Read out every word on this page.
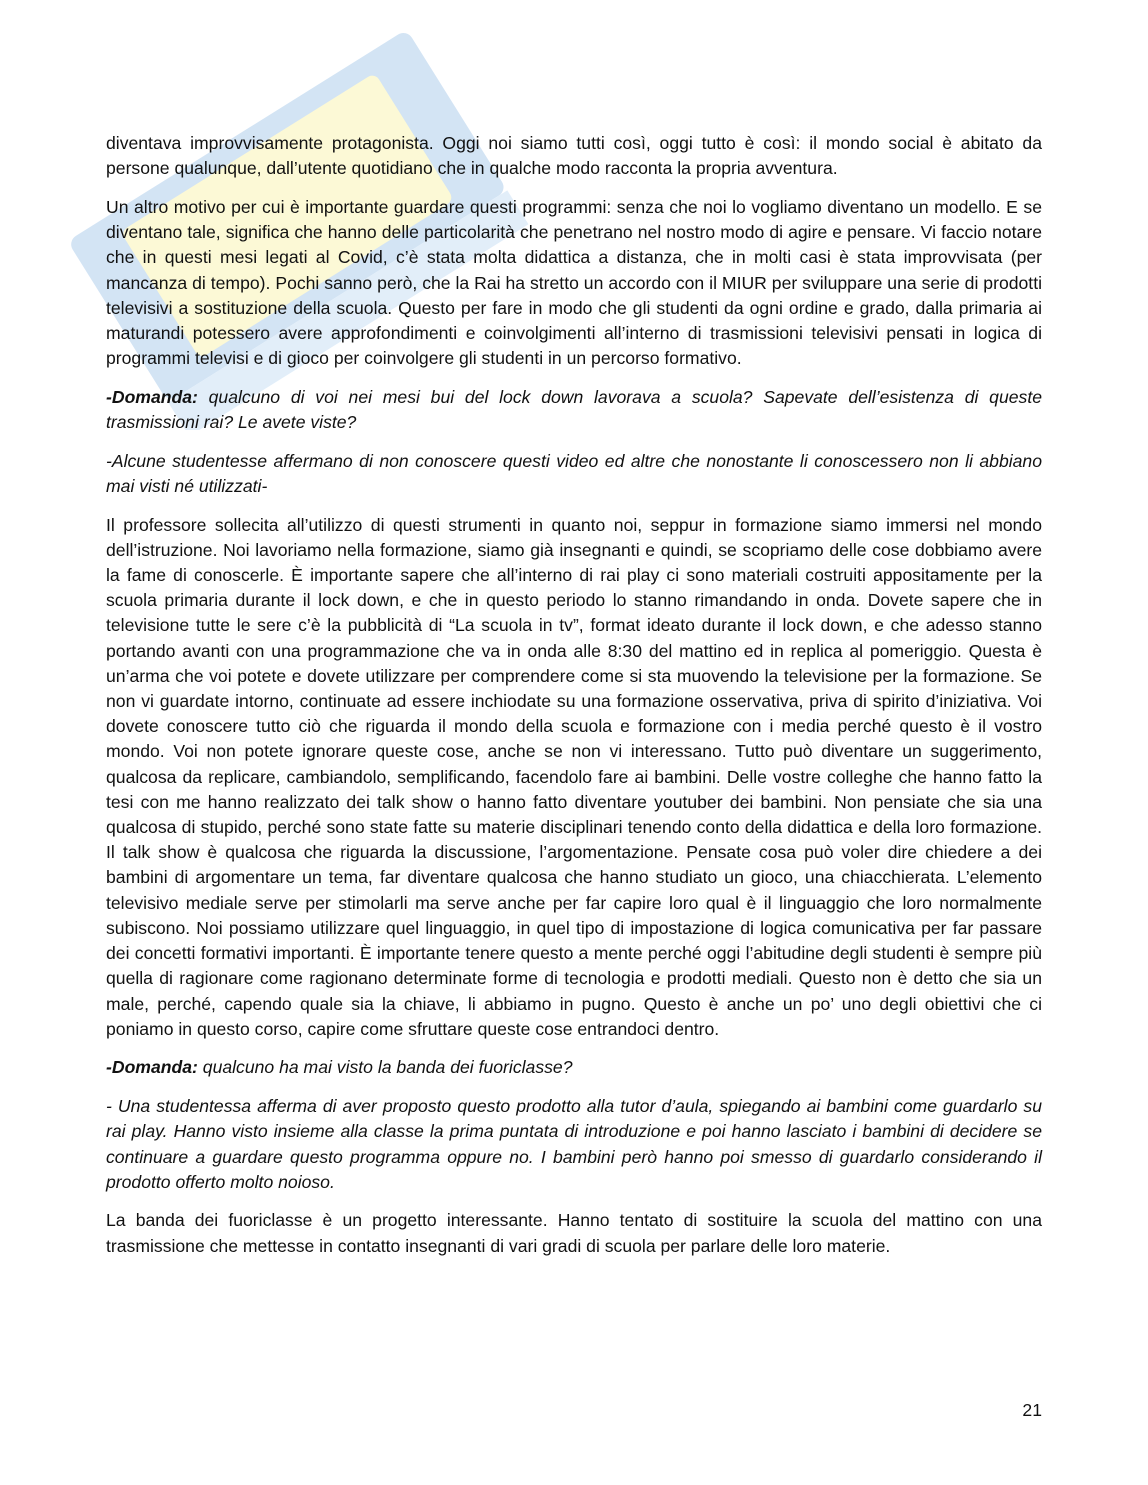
diventava improvvisamente protagonista. Oggi noi siamo tutti così, oggi tutto è così: il mondo social è abitato da persone qualunque, dall’utente quotidiano che in qualche modo racconta la propria avventura.

Un altro motivo per cui è importante guardare questi programmi: senza che noi lo vogliamo diventano un modello. E se diventano tale, significa che hanno delle particolarità che penetrano nel nostro modo di agire e pensare. Vi faccio notare che in questi mesi legati al Covid, c’è stata molta didattica a distanza, che in molti casi è stata improvvisata (per mancanza di tempo). Pochi sanno però, che la Rai ha stretto un accordo con il MIUR per sviluppare una serie di prodotti televisivi a sostituzione della scuola. Questo per fare in modo che gli studenti da ogni ordine e grado, dalla primaria ai maturandi potessero avere approfondimenti e coinvolgimenti all’interno di trasmissioni televisivi pensati in logica di programmi televisi e di gioco per coinvolgere gli studenti in un percorso formativo.

-Domanda: qualcuno di voi nei mesi bui del lock down lavorava a scuola? Sapevate dell’esistenza di queste trasmissioni rai? Le avete viste?

-Alcune studentesse affermano di non conoscere questi video ed altre che nonostante li conoscessero non li abbiano mai visti né utilizzati-

Il professore sollecita all’utilizzo di questi strumenti in quanto noi, seppur in formazione siamo immersi nel mondo dell’istruzione. Noi lavoriamo nella formazione, siamo già insegnanti e quindi, se scopriamo delle cose dobbiamo avere la fame di conoscerle. È importante sapere che all’interno di rai play ci sono materiali costruiti appositamente per la scuola primaria durante il lock down, e che in questo periodo lo stanno rimandando in onda. Dovete sapere che in televisione tutte le sere c’è la pubblicità di “La scuola in tv”, format ideato durante il lock down, e che adesso stanno portando avanti con una programmazione che va in onda alle 8:30 del mattino ed in replica al pomeriggio. Questa è un’arma che voi potete e dovete utilizzare per comprendere come si sta muovendo la televisione per la formazione. Se non vi guardate intorno, continuate ad essere inchiodate su una formazione osservativa, priva di spirito d’iniziativa. Voi dovete conoscere tutto ciò che riguarda il mondo della scuola e formazione con i media perché questo è il vostro mondo. Voi non potete ignorare queste cose, anche se non vi interessano. Tutto può diventare un suggerimento, qualcosa da replicare, cambiandolo, semplificando, facendolo fare ai bambini. Delle vostre colleghe che hanno fatto la tesi con me hanno realizzato dei talk show o hanno fatto diventare youtuber dei bambini. Non pensiate che sia una qualcosa di stupido, perché sono state fatte su materie disciplinari tenendo conto della didattica e della loro formazione. Il talk show è qualcosa che riguarda la discussione, l’argomentazione. Pensate cosa può voler dire chiedere a dei bambini di argomentare un tema, far diventare qualcosa che hanno studiato un gioco, una chiacchierata. L’elemento televisivo mediale serve per stimolarli ma serve anche per far capire loro qual è il linguaggio che loro normalmente subiscono. Noi possiamo utilizzare quel linguaggio, in quel tipo di impostazione di logica comunicativa per far passare dei concetti formativi importanti. È importante tenere questo a mente perché oggi l’abitudine degli studenti è sempre più quella di ragionare come ragionano determinate forme di tecnologia e prodotti mediali. Questo non è detto che sia un male, perché, capendo quale sia la chiave, li abbiamo in pugno. Questo è anche un po’ uno degli obiettivi che ci poniamo in questo corso, capire come sfruttare queste cose entrandoci dentro.

-Domanda: qualcuno ha mai visto la banda dei fuoriclasse?

- Una studentessa afferma di aver proposto questo prodotto alla tutor d’aula, spiegando ai bambini come guardarlo su rai play. Hanno visto insieme alla classe la prima puntata di introduzione e poi hanno lasciato i bambini di decidere se continuare a guardare questo programma oppure no. I bambini però hanno poi smesso di guardarlo considerando il prodotto offerto molto noioso.

La banda dei fuoriclasse è un progetto interessante. Hanno tentato di sostituire la scuola del mattino con una trasmissione che mettesse in contatto insegnanti di vari gradi di scuola per parlare delle loro materie.

21
